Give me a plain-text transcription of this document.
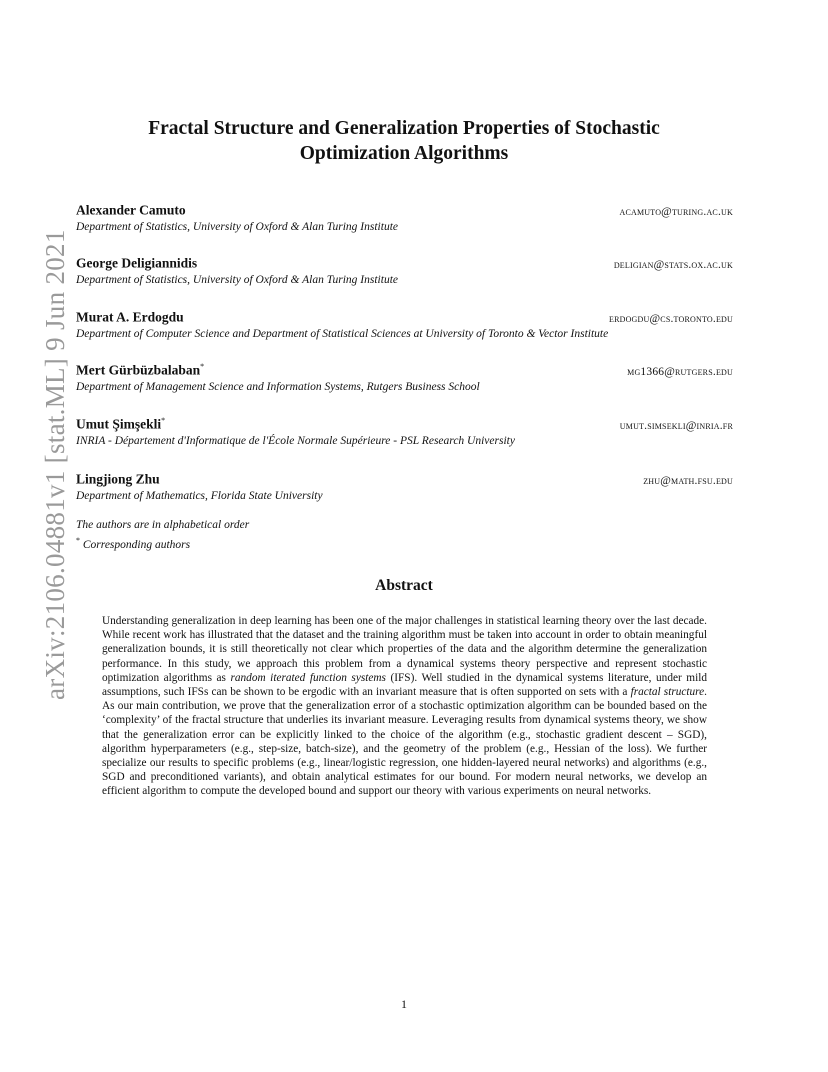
arXiv:2106.04881v1 [stat.ML] 9 Jun 2021
Fractal Structure and Generalization Properties of Stochastic
Optimization Algorithms
Alexander Camuto	acamuto@turing.ac.uk
Department of Statistics, University of Oxford & Alan Turing Institute
George Deligiannidis	deligian@stats.ox.ac.uk
Department of Statistics, University of Oxford & Alan Turing Institute
Murat A. Erdogdu	erdogdu@cs.toronto.edu
Department of Computer Science and Department of Statistical Sciences at University of Toronto & Vector Institute
Mert Gürbüzbalaban*	mg1366@rutgers.edu
Department of Management Science and Information Systems, Rutgers Business School
Umut Şimşekli*	umut.simsekli@inria.fr
INRIA - Département d'Informatique de l'École Normale Supérieure - PSL Research University
Lingjiong Zhu	zhu@math.fsu.edu
Department of Mathematics, Florida State University
The authors are in alphabetical order
* Corresponding authors
Abstract
Understanding generalization in deep learning has been one of the major challenges in statistical learning theory over the last decade. While recent work has illustrated that the dataset and the training algorithm must be taken into account in order to obtain meaningful generalization bounds, it is still theoretically not clear which properties of the data and the algorithm determine the generalization performance. In this study, we approach this problem from a dynamical systems theory perspective and represent stochastic optimization algorithms as random iterated function systems (IFS). Well studied in the dynamical systems literature, under mild assumptions, such IFSs can be shown to be ergodic with an invariant measure that is often supported on sets with a fractal structure. As our main contribution, we prove that the generalization error of a stochastic optimization algorithm can be bounded based on the ‘complexity’ of the fractal structure that underlies its invariant measure. Leveraging results from dynamical systems theory, we show that the generalization error can be explicitly linked to the choice of the algorithm (e.g., stochastic gradient descent – SGD), algorithm hyperparameters (e.g., step-size, batch-size), and the geometry of the problem (e.g., Hessian of the loss). We further specialize our results to specific problems (e.g., linear/logistic regression, one hidden-layered neural networks) and algorithms (e.g., SGD and preconditioned variants), and obtain analytical estimates for our bound. For modern neural networks, we develop an efficient algorithm to compute the developed bound and support our theory with various experiments on neural networks.
1
